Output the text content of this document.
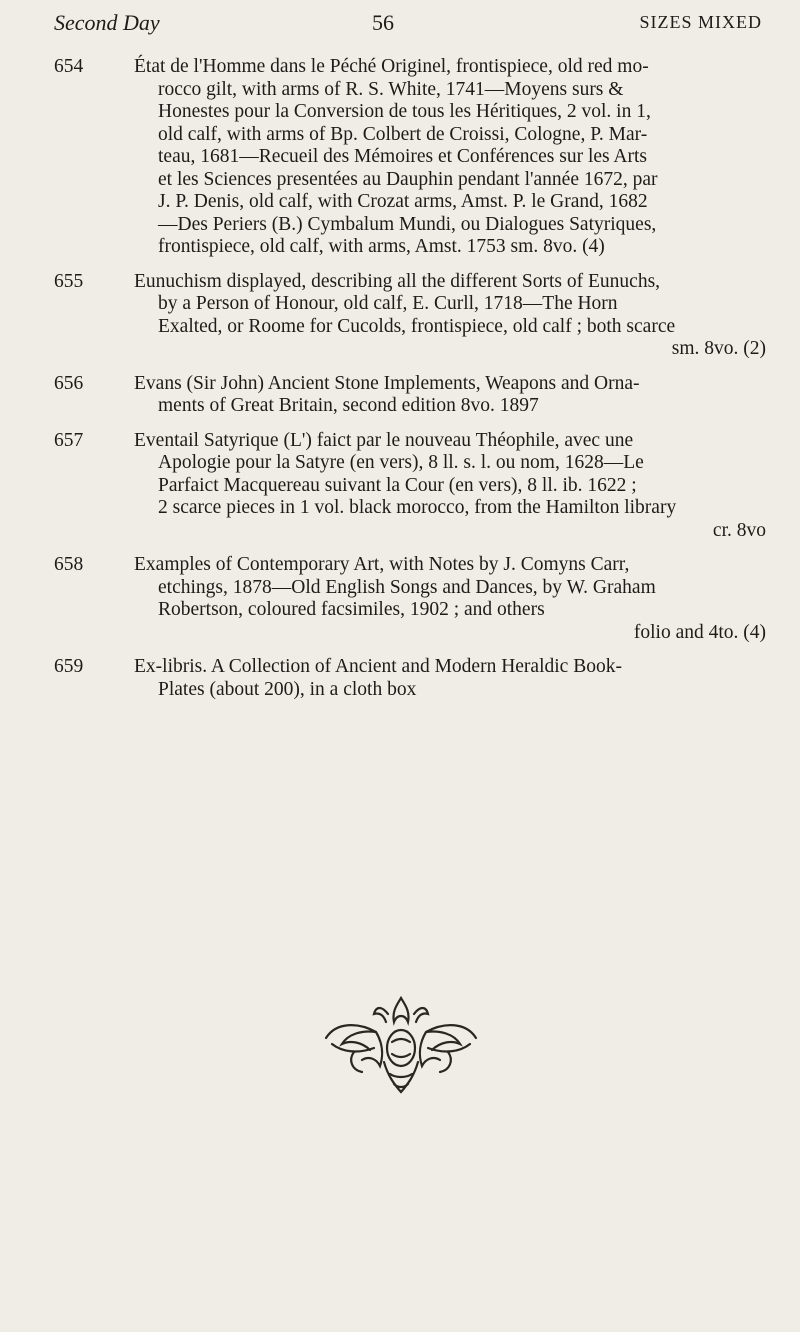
Second Day	56	SIZES MIXED
654	État de l'Homme dans le Péché Originel, frontispiece, old red mo-
rocco gilt, with arms of R. S. White, 1741—Moyens surs &
Honestes pour la Conversion de tous les Héritiques, 2 vol. in 1,
old calf, with arms of Bp. Colbert de Croissi, Cologne, P. Mar-
teau, 1681—Recueil des Mémoires et Conférences sur les Arts
et les Sciences presentées au Dauphin pendant l'année 1672, par
J. P. Denis, old calf, with Crozat arms, Amst. P. le Grand, 1682
—Des Periers (B.) Cymbalum Mundi, ou Dialogues Satyriques,
frontispiece, old calf, with arms, Amst. 1753 sm. 8vo. (4)
655	Eunuchism displayed, describing all the different Sorts of Eunuchs,
by a Person of Honour, old calf, E. Curll, 1718—The Horn
Exalted, or Roome for Cucolds, frontispiece, old calf ; both scarce
sm. 8vo. (2)
656	Evans (Sir John) Ancient Stone Implements, Weapons and Orna-
ments of Great Britain, second edition 8vo. 1897
657	Eventail Satyrique (L') faict par le nouveau Théophile, avec une
Apologie pour la Satyre (en vers), 8 ll. s. l. ou nom, 1628—Le
Parfaict Macquereau suivant la Cour (en vers), 8 ll. ib. 1622 ;
2 scarce pieces in 1 vol. black morocco, from the Hamilton library
cr. 8vo
658	Examples of Contemporary Art, with Notes by J. Comyns Carr,
etchings, 1878—Old English Songs and Dances, by W. Graham
Robertson, coloured facsimiles, 1902 ; and others
folio and 4to. (4)
659	Ex-libris. A Collection of Ancient and Modern Heraldic Book-
Plates (about 200), in a cloth box
